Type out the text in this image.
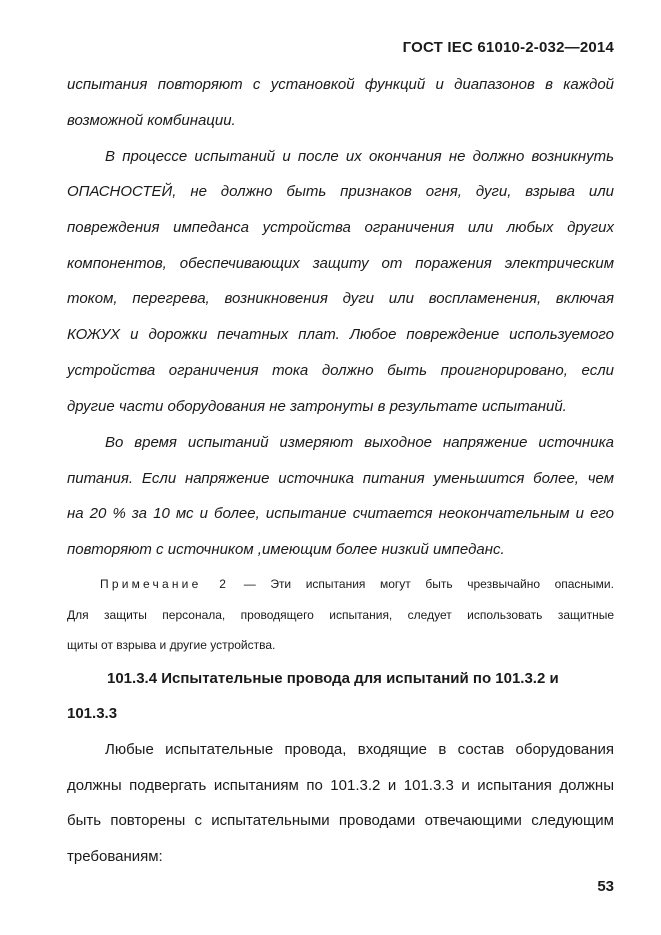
ГОСТ IEC 61010-2-032—2014
испытания повторяют с установкой функций и диапазонов в каждой
возможной комбинации.
В процессе испытаний и после их окончания не должно возникнуть
ОПАСНОСТЕЙ, не должно быть признаков огня, дуги, взрыва или
повреждения импеданса устройства ограничения или любых других
компонентов, обеспечивающих защиту от поражения электрическим
током, перегрева, возникновения дуги или воспламенения, включая
КОЖУХ и дорожки печатных плат. Любое повреждение используемого
устройства ограничения тока должно быть проигнорировано, если
другие части оборудования не затронуты в результате испытаний.
Во время испытаний измеряют выходное напряжение источника
питания. Если напряжение источника питания уменьшится более, чем
на 20 % за 10 мс и более, испытание считается неокончательным и его
повторяют с источником ,имеющим более низкий импеданс.
Примечание 2 — Эти испытания могут быть чрезвычайно опасными.
Для защиты персонала, проводящего испытания, следует использовать защитные
щиты от взрыва и другие устройства.
101.3.4 Испытательные провода для испытаний по 101.3.2 и
101.3.3
Любые испытательные провода, входящие в состав оборудования
должны подвергать испытаниям по 101.3.2 и 101.3.3 и испытания должны
быть повторены с испытательными проводами отвечающими следующим
требованиям:
53
